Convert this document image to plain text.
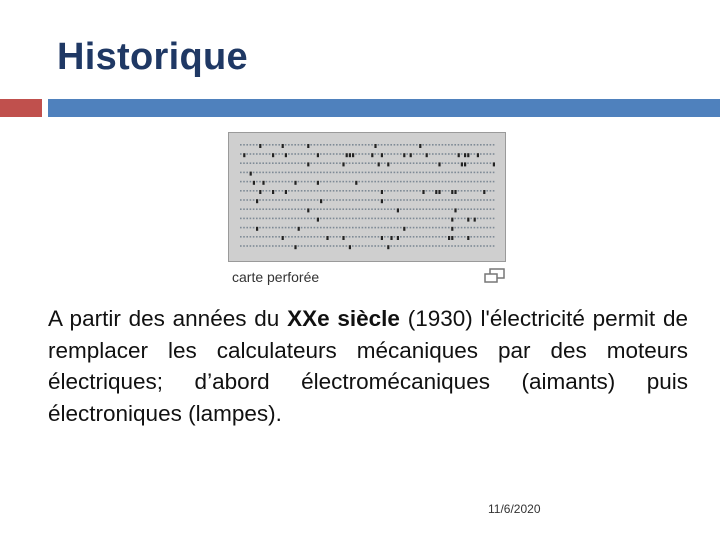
Historique
carte perforée
A partir des années du XXe siècle (1930) l'électricité permit de remplacer les calculateurs mécaniques par des moteurs électriques; d’abord électromécaniques (aimants) puis électroniques (lampes).
11/6/2020
